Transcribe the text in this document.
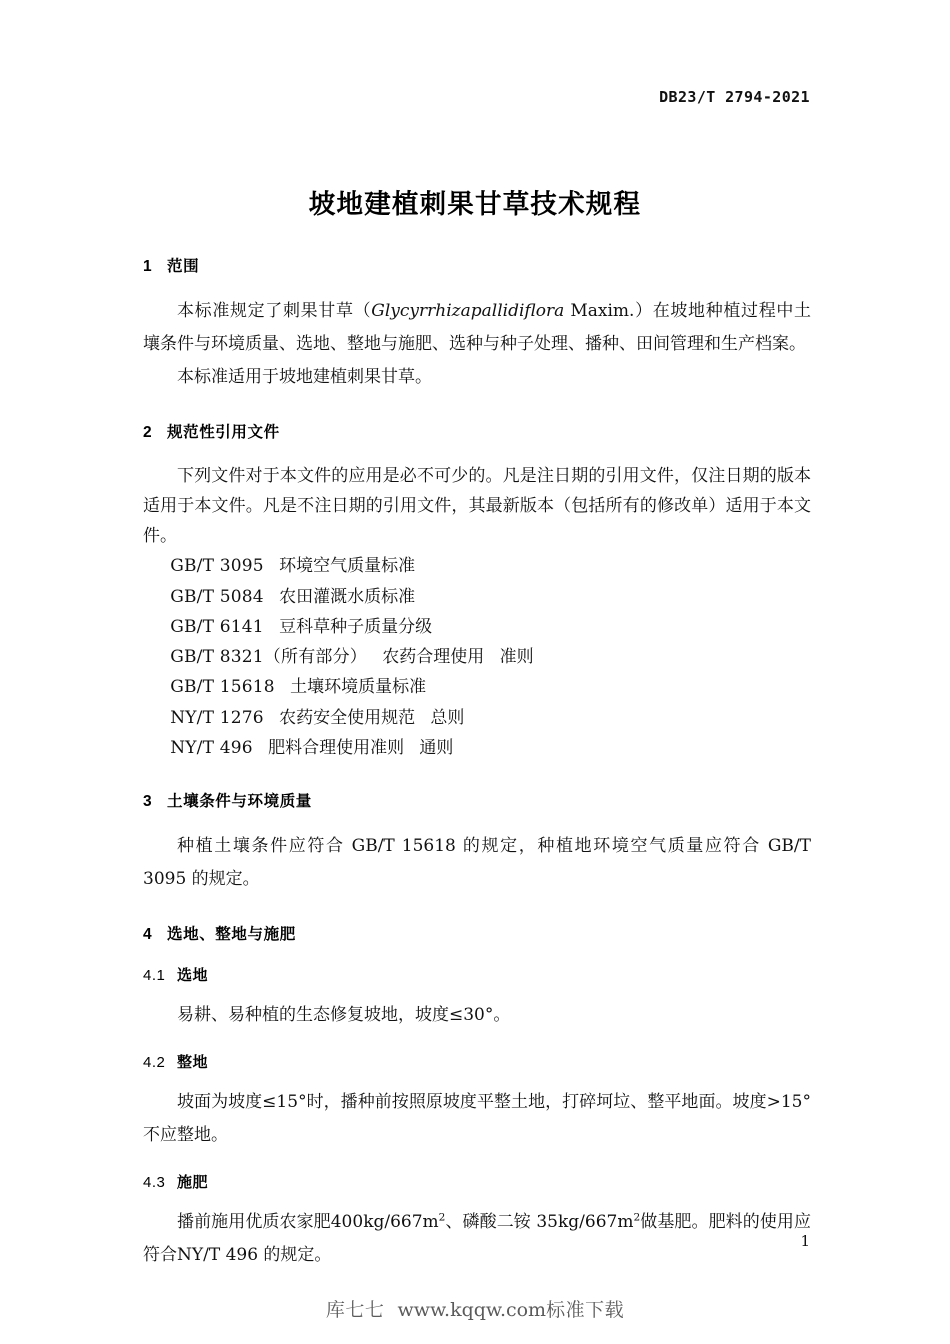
DB23/T 2794-2021
坡地建植刺果甘草技术规程
1 范围

本标准规定了刺果甘草（Glycyrrhizapallidiflora Maxim.）在坡地种植过程中土壤条件与环境质量、选地、整地与施肥、选种与种子处理、播种、田间管理和生产档案。

本标准适用于坡地建植刺果甘草。

2 规范性引用文件

下列文件对于本文件的应用是必不可少的。凡是注日期的引用文件，仅注日期的版本适用于本文件。凡是不注日期的引用文件，其最新版本（包括所有的修改单）适用于本文件。

GB/T 3095 环境空气质量标准
GB/T 5084 农田灌溉水质标准
GB/T 6141 豆科草种子质量分级
GB/T 8321（所有部分） 农药合理使用 准则
GB/T 15618 土壤环境质量标准
NY/T 1276 农药安全使用规范 总则
NY/T 496 肥料合理使用准则 通则
3 土壤条件与环境质量

种植土壤条件应符合 GB/T 15618 的规定，种植地环境空气质量应符合 GB/T 3095 的规定。

4 选地、整地与施肥
4.1 选地

易耕、易种植的生态修复坡地，坡度≤30°。

4.2 整地

坡面为坡度≤15°时，播种前按照原坡度平整土地，打碎坷垃、整平地面。坡度>15°不应整地。

4.3 施肥

播前施用优质农家肥$400kg/667m^2$、磷酸二铵 $35kg/667m^2$做基肥。肥料的使用应符合NY/T 496 的规定。

1
库七七 www.kqqw.com标准下载
